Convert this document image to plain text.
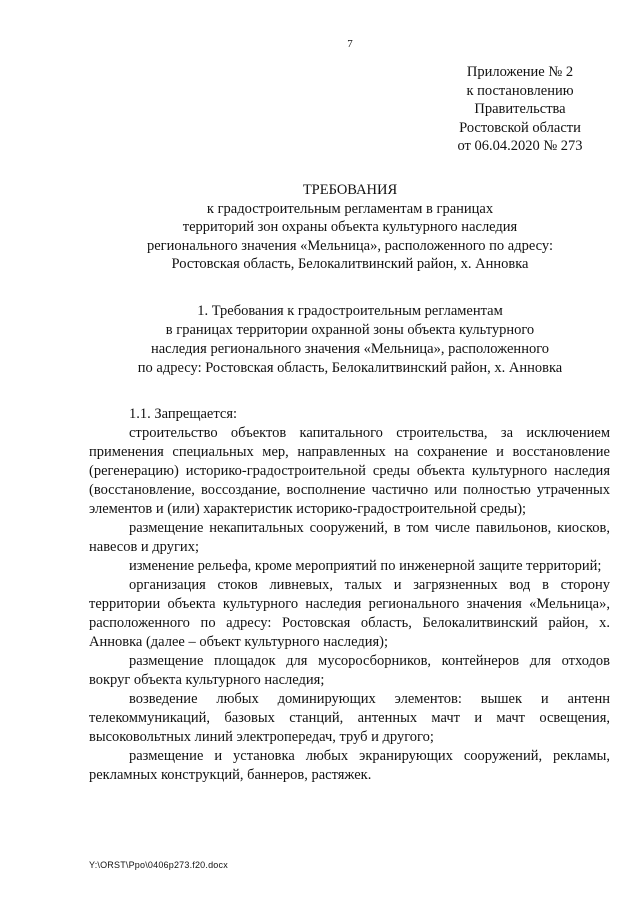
7
Приложение № 2
к постановлению
Правительства
Ростовской области
от 06.04.2020 № 273
ТРЕБОВАНИЯ
к градостроительным регламентам в границах
территорий зон охраны объекта культурного наследия
регионального значения «Мельница», расположенного по адресу:
Ростовская область, Белокалитвинский район, х. Анновка
1. Требования к градостроительным регламентам
в границах территории охранной зоны объекта культурного
наследия регионального значения «Мельница», расположенного
по адресу: Ростовская область, Белокалитвинский район, х. Анновка
1.1. Запрещается:

строительство объектов капитального строительства, за исключением применения специальных мер, направленных на сохранение и восстановление (регенерацию) историко-градостроительной среды объекта культурного наследия (восстановление, воссоздание, восполнение частично или полностью утраченных элементов и (или) характеристик историко-градостроительной среды);

размещение некапитальных сооружений, в том числе павильонов, киосков, навесов и других;

изменение рельефа, кроме мероприятий по инженерной защите территорий;

организация стоков ливневых, талых и загрязненных вод в сторону территории объекта культурного наследия регионального значения «Мельница», расположенного по адресу: Ростовская область, Белокалитвинский район, х. Анновка (далее – объект культурного наследия);

размещение площадок для мусоросборников, контейнеров для отходов вокруг объекта культурного наследия;

возведение любых доминирующих элементов: вышек и антенн телекоммуникаций, базовых станций, антенных мачт и мачт освещения, высоковольтных линий электропередач, труб и другого;

размещение и установка любых экранирующих сооружений, рекламы, рекламных конструкций, баннеров, растяжек.

Y:\ORST\Ppo\0406p273.f20.docx
